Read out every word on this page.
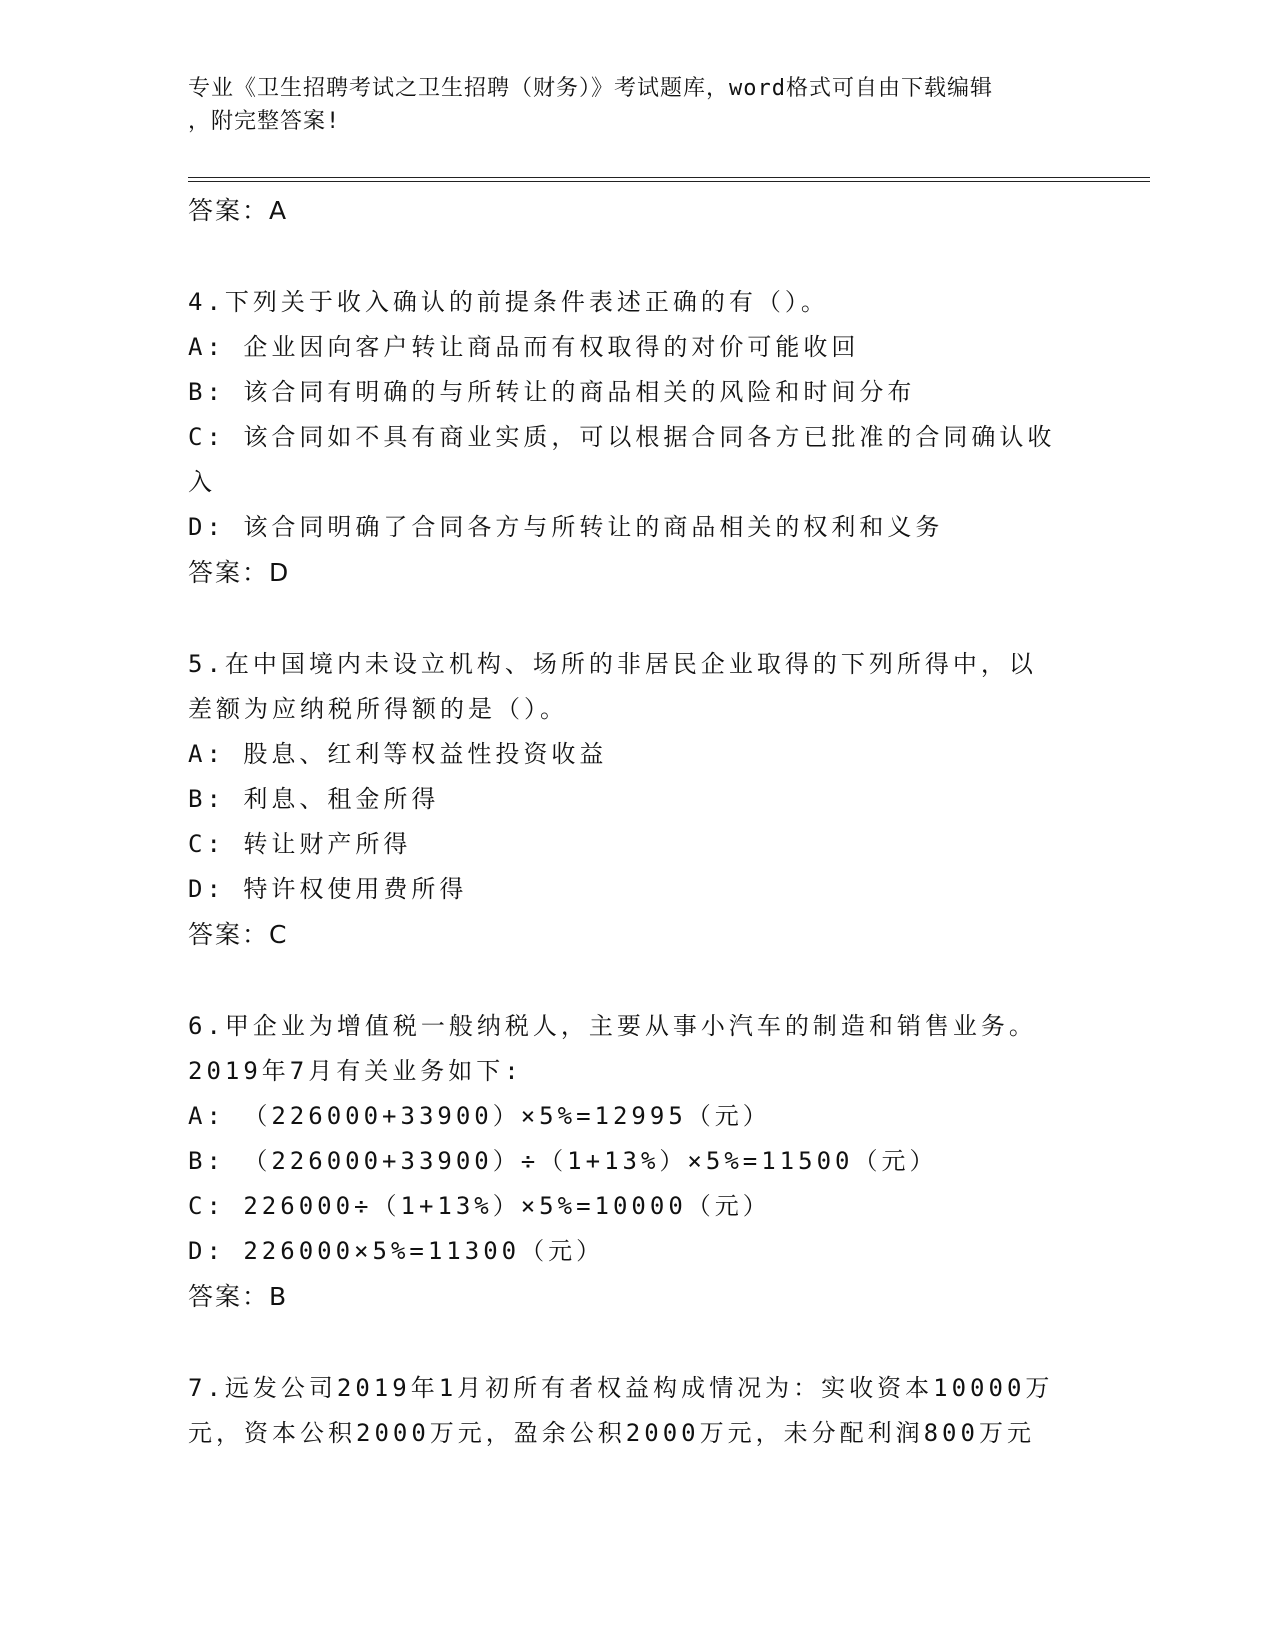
专业《卫生招聘考试之卫生招聘（财务）》考试题库，word格式可自由下载编辑
，附完整答案!
答案：A
4.下列关于收入确认的前提条件表述正确的有（）。
A: 企业因向客户转让商品而有权取得的对价可能收回
B: 该合同有明确的与所转让的商品相关的风险和时间分布
C: 该合同如不具有商业实质，可以根据合同各方已批准的合同确认收
入
D: 该合同明确了合同各方与所转让的商品相关的权利和义务
答案：D
5.在中国境内未设立机构、场所的非居民企业取得的下列所得中，以
差额为应纳税所得额的是（）。
A: 股息、红利等权益性投资收益
B: 利息、租金所得
C: 转让财产所得
D: 特许权使用费所得
答案：C
6.甲企业为增值税一般纳税人，主要从事小汽车的制造和销售业务。
2019年7月有关业务如下:
A: （226000+33900）×5%=12995（元）
B: （226000+33900）÷（1+13%）×5%=11500（元）
C: 226000÷（1+13%）×5%=10000（元）
D: 226000×5%=11300（元）
答案：B
7.远发公司2019年1月初所有者权益构成情况为：实收资本10000万
元，资本公积2000万元，盈余公积2000万元，未分配利润800万元
